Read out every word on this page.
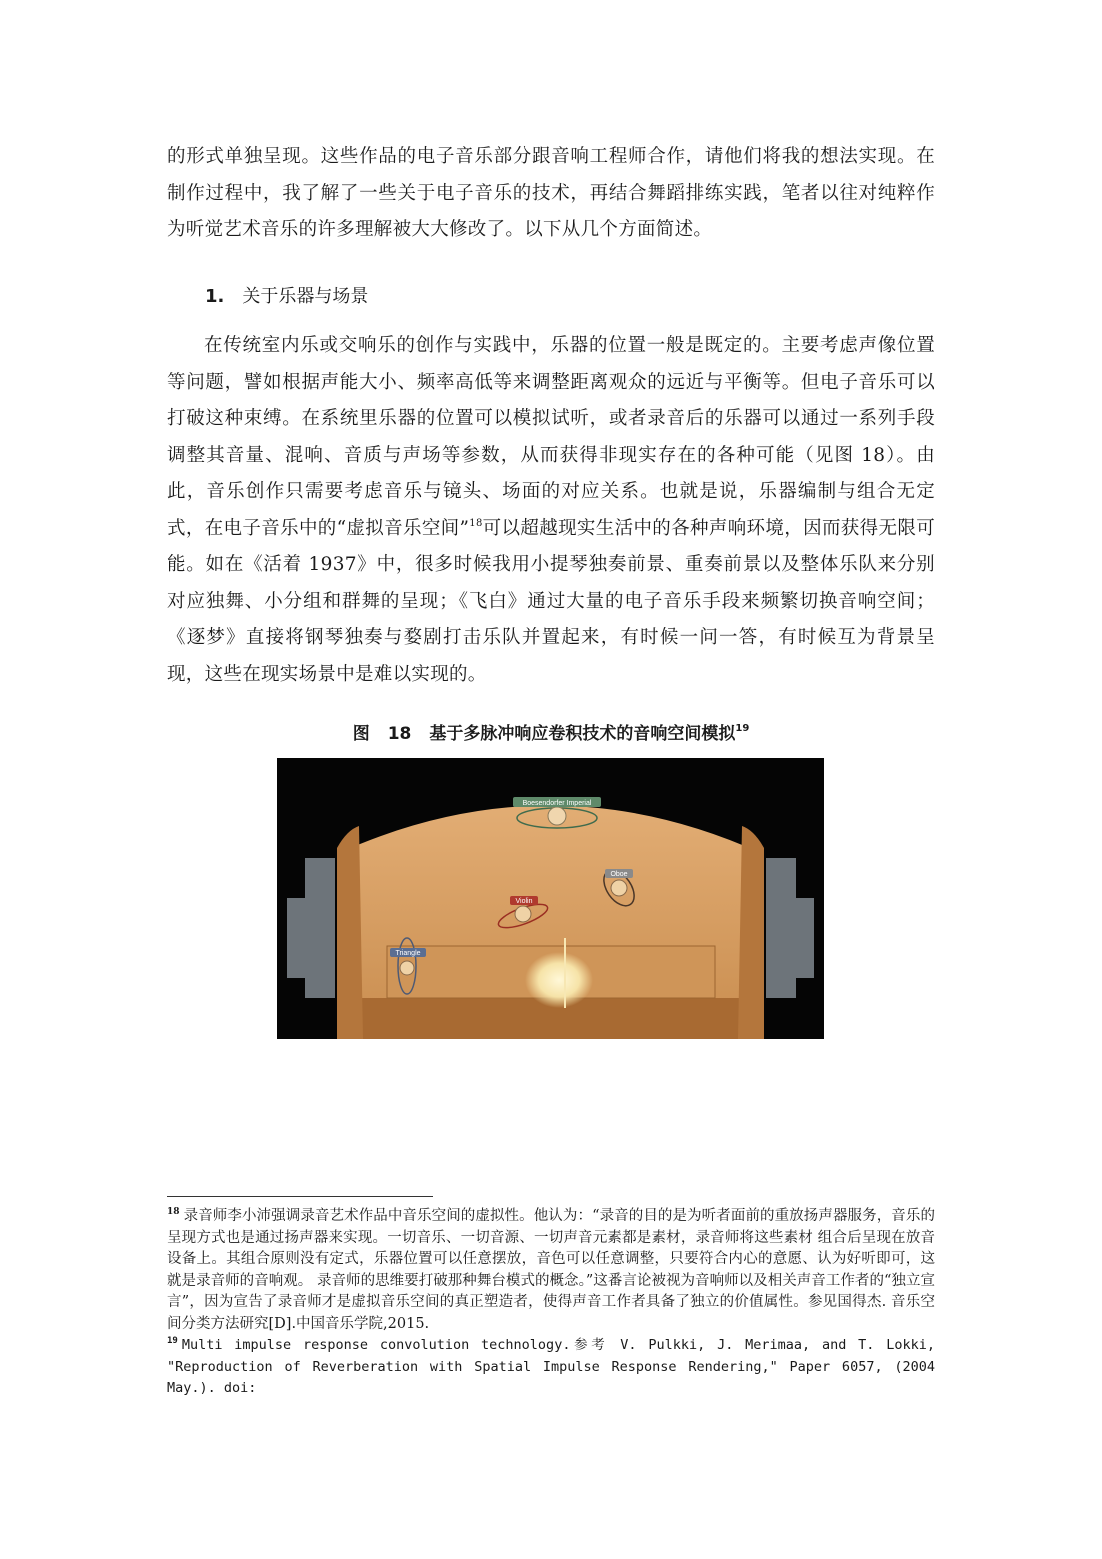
的形式单独呈现。这些作品的电子音乐部分跟音响工程师合作，请他们将我的想法实现。在制作过程中，我了解了一些关于电子音乐的技术，再结合舞蹈排练实践，笔者以往对纯粹作为听觉艺术音乐的许多理解被大大修改了。以下从几个方面简述。

1. 关于乐器与场景

在传统室内乐或交响乐的创作与实践中，乐器的位置一般是既定的。主要考虑声像位置等问题，譬如根据声能大小、频率高低等来调整距离观众的远近与平衡等。但电子音乐可以打破这种束缚。在系统里乐器的位置可以模拟试听，或者录音后的乐器可以通过一系列手段调整其音量、混响、音质与声场等参数，从而获得非现实存在的各种可能（见图 18）。由此，音乐创作只需要考虑音乐与镜头、场面的对应关系。也就是说，乐器编制与组合无定式，在电子音乐中的“虚拟音乐空间”$^{18}$可以超越现实生活中的各种声响环境，因而获得无限可能。如在《活着 1937》中，很多时候我用小提琴独奏前景、重奏前景以及整体乐队来分别对应独舞、小分组和群舞的呈现；《飞白》通过大量的电子音乐手段来频繁切换音响空间；《逐梦》直接将钢琴独奏与婺剧打击乐队并置起来，有时候一问一答，有时候互为背景呈现，这些在现实场景中是难以实现的。

图 18 基于多脉冲响应卷积技术的音响空间模拟$^{19}$
Boesendorfer Imperial
Oboe
Violin
Triangle

$^{18}$ 录音师李小沛强调录音艺术作品中音乐空间的虚拟性。他认为：“录音的目的是为听者面前的重放扬声器服务，音乐的呈现方式也是通过扬声器来实现。一切音乐、一切音源、一切声音元素都是素材，录音师将这些素材 组合后呈现在放音设备上。其组合原则没有定式，乐器位置可以任意摆放，音色可以任意调整，只要符合内心的意愿、认为好听即可，这就是录音师的音响观。 录音师的思维要打破那种舞台模式的概念。”这番言论被视为音响师以及相关声音工作者的“独立宣言”，因为宣告了录音师才是虚拟音乐空间的真正塑造者，使得声音工作者具备了独立的价值属性。参见国得杰. 音乐空间分类方法研究[D].中国音乐学院,2015.

$^{19}$ Multi impulse response convolution technology.参考 V. Pulkki, J. Merimaa, and T. Lokki, "Reproduction of Reverberation with Spatial Impulse Response Rendering," Paper 6057, (2004 May.). doi:
